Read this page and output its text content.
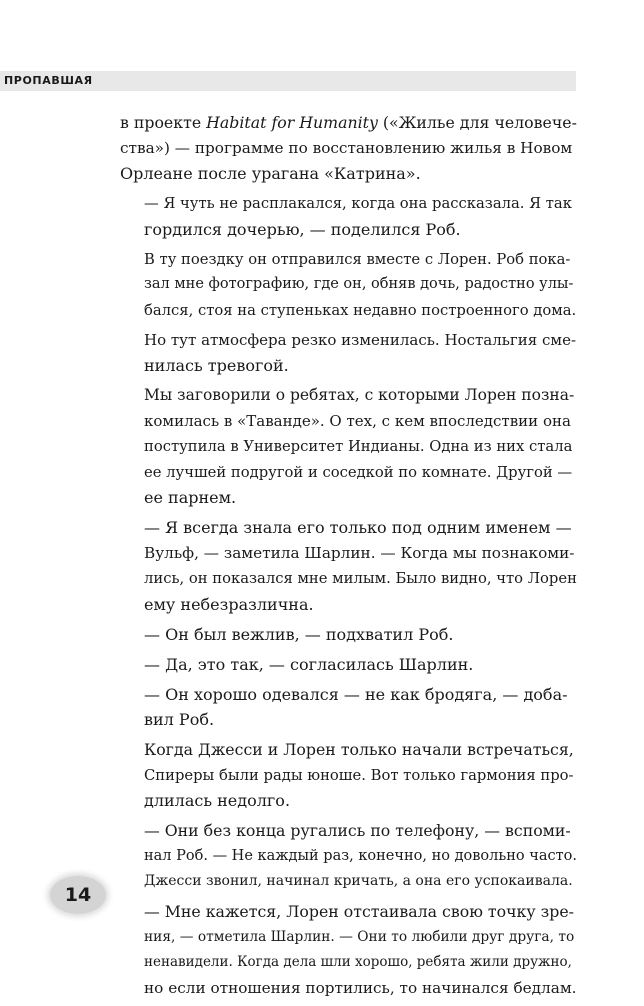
ПРОПАВШАЯ

в проекте Habitat for Humanity («Жилье для человече-
ства») — программе по восстановлению жилья в Новом
Орлеане после урагана «Катрина».

— Я чуть не расплакался, когда она рассказала. Я так
гордился дочерью, — поделился Роб.

В ту поездку он отправился вместе с Лорен. Роб пока-
зал мне фотографию, где он, обняв дочь, радостно улы-
бался, стоя на ступеньках недавно построенного дома.

Но тут атмосфера резко изменилась. Ностальгия сме-
нилась тревогой.

Мы заговорили о ребятах, с которыми Лорен позна-
комилась в «Таванде». О тех, с кем впоследствии она
поступила в Университет Индианы. Одна из них стала
ее лучшей подругой и соседкой по комнате. Другой —
ее парнем.

— Я всегда знала его только под одним именем —
Вульф, — заметила Шарлин. — Когда мы познакоми-
лись, он показался мне милым. Было видно, что Лорен
ему небезразлична.

— Он был вежлив, — подхватил Роб.

— Да, это так, — согласилась Шарлин.

— Он хорошо одевался — не как бродяга, — доба-
вил Роб.

Когда Джесси и Лорен только начали встречаться,
Спиреры были рады юноше. Вот только гармония про-
длилась недолго.

— Они без конца ругались по телефону, — вспоми-
нал Роб. — Не каждый раз, конечно, но довольно часто.
Джесси звонил, начинал кричать, а она его успокаивала.

— Мне кажется, Лорен отстаивала свою точку зре-
ния, — отметила Шарлин. — Они то любили друг друга, то
ненавидели. Когда дела шли хорошо, ребята жили дружно,
но если отношения портились, то начинался бедлам.

14
